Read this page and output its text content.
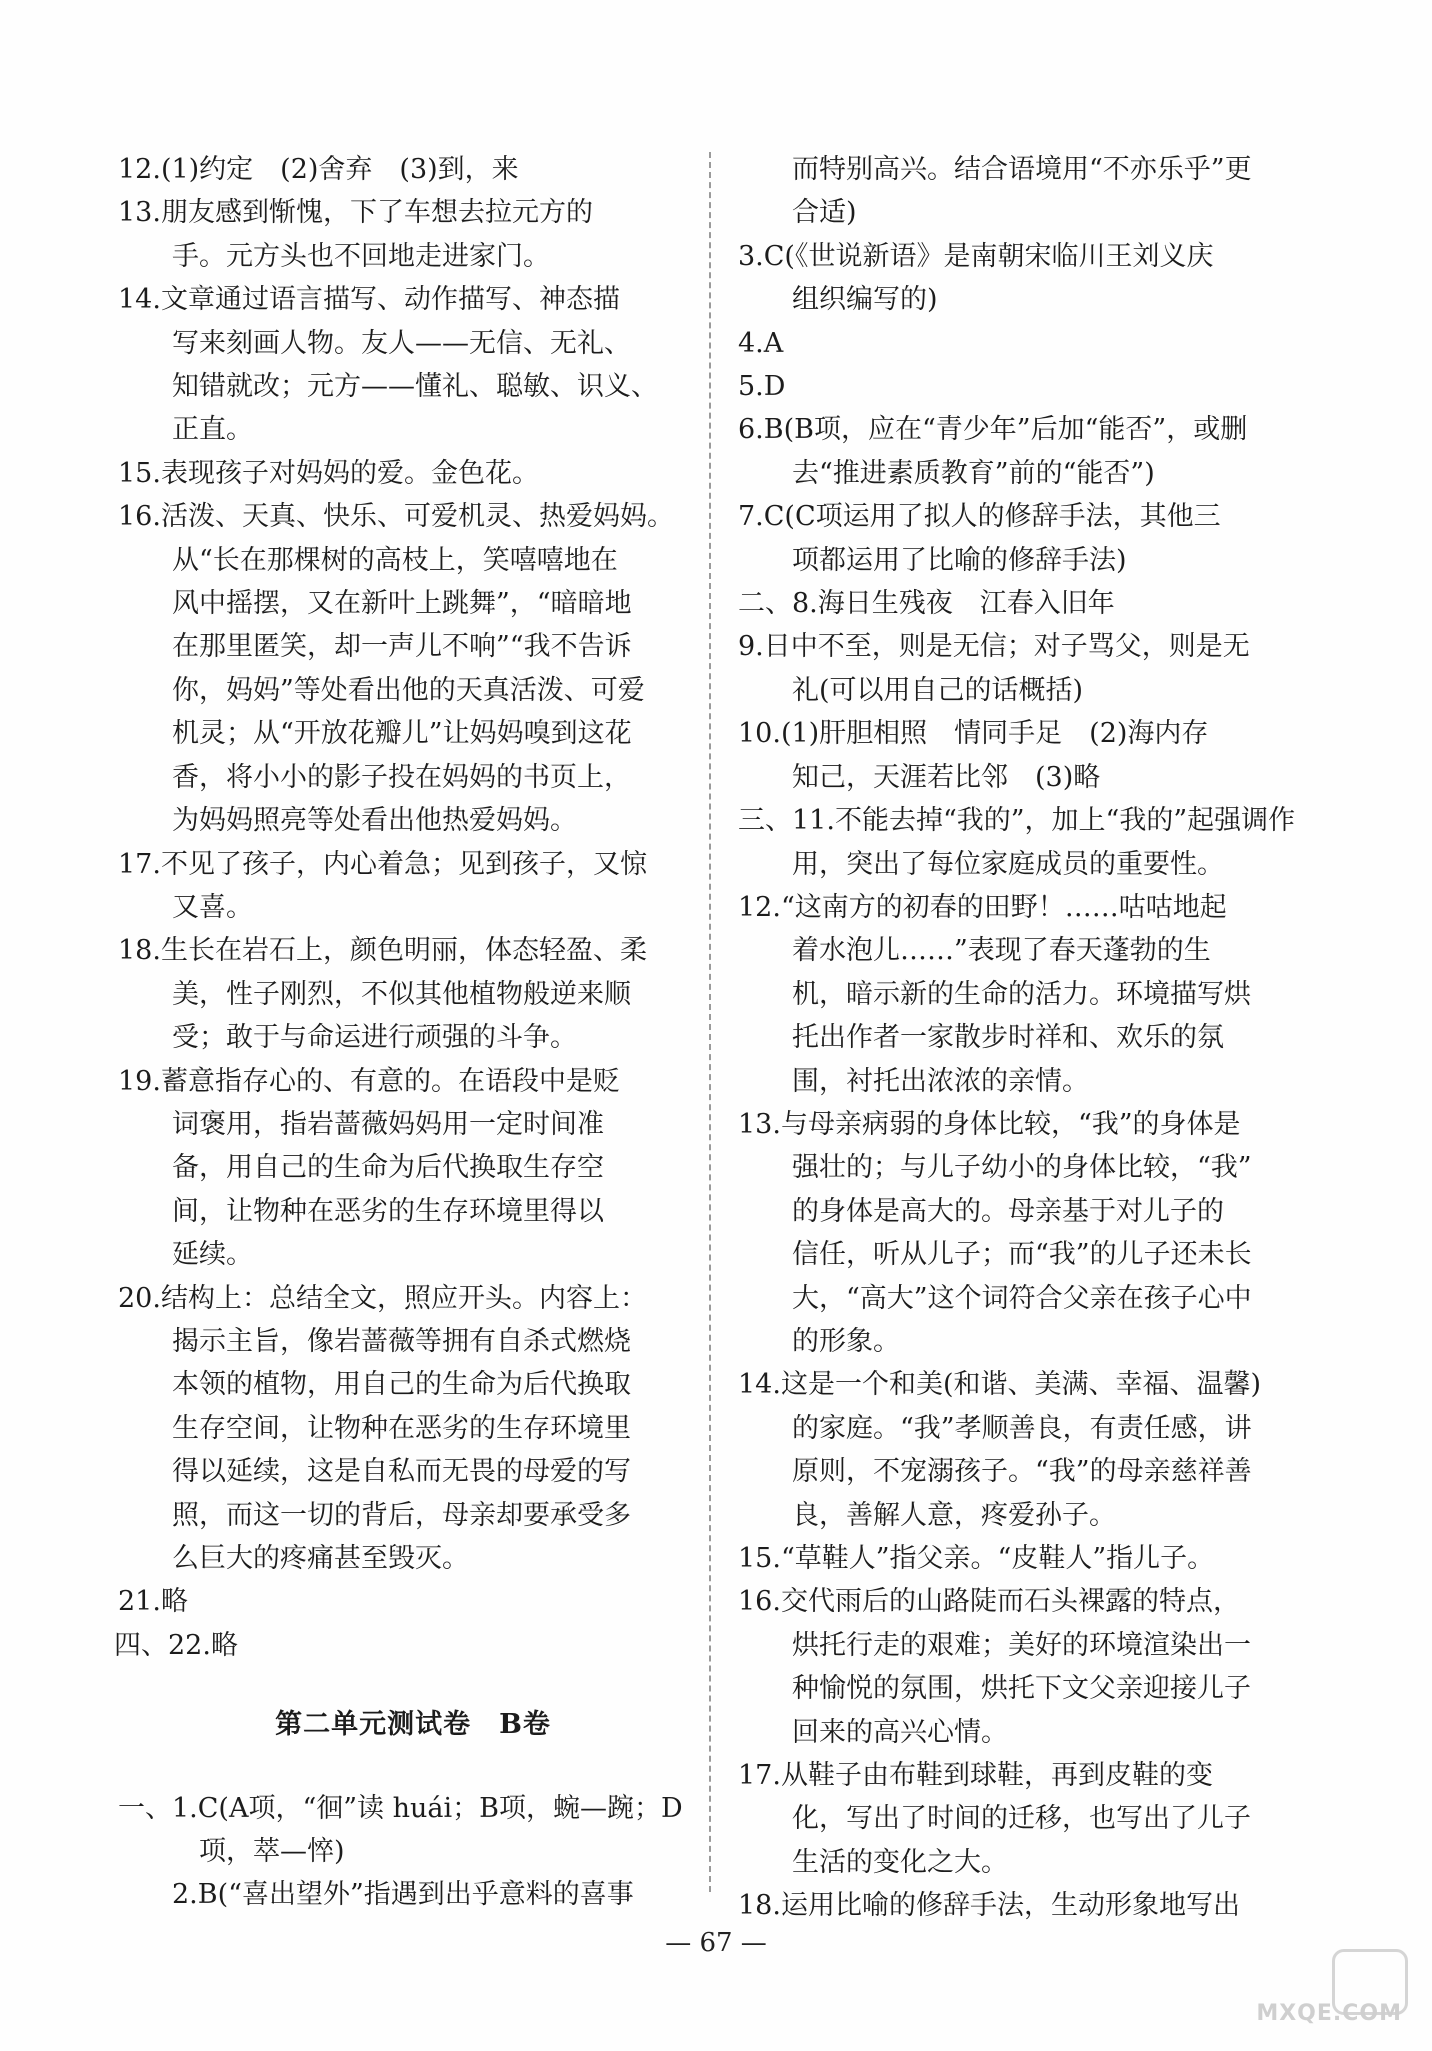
12.(1)约定　(2)舍弃　(3)到，来
13.朋友感到惭愧，下了车想去拉元方的
　　手。元方头也不回地走进家门。
14.文章通过语言描写、动作描写、神态描
　　写来刻画人物。友人——无信、无礼、
　　知错就改；元方——懂礼、聪敏、识义、
　　正直。
15.表现孩子对妈妈的爱。金色花。
16.活泼、天真、快乐、可爱机灵、热爱妈妈。
　　从“长在那棵树的高枝上，笑嘻嘻地在
　　风中摇摆，又在新叶上跳舞”，“暗暗地
　　在那里匿笑，却一声儿不响”“我不告诉
　　你，妈妈”等处看出他的天真活泼、可爱
　　机灵；从“开放花瓣儿”让妈妈嗅到这花
　　香，将小小的影子投在妈妈的书页上，
　　为妈妈照亮等处看出他热爱妈妈。
17.不见了孩子，内心着急；见到孩子，又惊
　　又喜。
18.生长在岩石上，颜色明丽，体态轻盈、柔
　　美，性子刚烈，不似其他植物般逆来顺
　　受；敢于与命运进行顽强的斗争。
19.蓄意指存心的、有意的。在语段中是贬
　　词褒用，指岩蔷薇妈妈用一定时间准
　　备，用自己的生命为后代换取生存空
　　间，让物种在恶劣的生存环境里得以
　　延续。
20.结构上：总结全文，照应开头。内容上：
　　揭示主旨，像岩蔷薇等拥有自杀式燃烧
　　本领的植物，用自己的生命为后代换取
　　生存空间，让物种在恶劣的生存环境里
　　得以延续，这是自私而无畏的母爱的写
　　照，而这一切的背后，母亲却要承受多
　　么巨大的疼痛甚至毁灭。
21.略
四、22.略
第二单元测试卷　B卷
一、1.C(A项，“徊”读 huái；B项，蜿—踠；D
　　　项，萃—悴)
　　2.B(“喜出望外”指遇到出乎意料的喜事
　　而特别高兴。结合语境用“不亦乐乎”更
　　合适)
3.C(《世说新语》是南朝宋临川王刘义庆
　　组织编写的)
4.A
5.D
6.B(B项，应在“青少年”后加“能否”，或删
　　去“推进素质教育”前的“能否”)
7.C(C项运用了拟人的修辞手法，其他三
　　项都运用了比喻的修辞手法)
二、8.海日生残夜　江春入旧年
9.日中不至，则是无信；对子骂父，则是无
　　礼(可以用自己的话概括)
10.(1)肝胆相照　情同手足　(2)海内存
　　知己，天涯若比邻　(3)略
三、11.不能去掉“我的”，加上“我的”起强调作
　　用，突出了每位家庭成员的重要性。
12.“这南方的初春的田野！……咕咕地起
　　着水泡儿……”表现了春天蓬勃的生
　　机，暗示新的生命的活力。环境描写烘
　　托出作者一家散步时祥和、欢乐的氛
　　围，衬托出浓浓的亲情。
13.与母亲病弱的身体比较，“我”的身体是
　　强壮的；与儿子幼小的身体比较，“我”
　　的身体是高大的。母亲基于对儿子的
　　信任，听从儿子；而“我”的儿子还未长
　　大，“高大”这个词符合父亲在孩子心中
　　的形象。
14.这是一个和美(和谐、美满、幸福、温馨)
　　的家庭。“我”孝顺善良，有责任感，讲
　　原则，不宠溺孩子。“我”的母亲慈祥善
　　良，善解人意，疼爱孙子。
15.“草鞋人”指父亲。“皮鞋人”指儿子。
16.交代雨后的山路陡而石头裸露的特点，
　　烘托行走的艰难；美好的环境渲染出一
　　种愉悦的氛围，烘托下文父亲迎接儿子
　　回来的高兴心情。
17.从鞋子由布鞋到球鞋，再到皮鞋的变
　　化，写出了时间的迁移，也写出了儿子
　　生活的变化之大。
18.运用比喻的修辞手法，生动形象地写出
— 67 —
MXQE.COM
